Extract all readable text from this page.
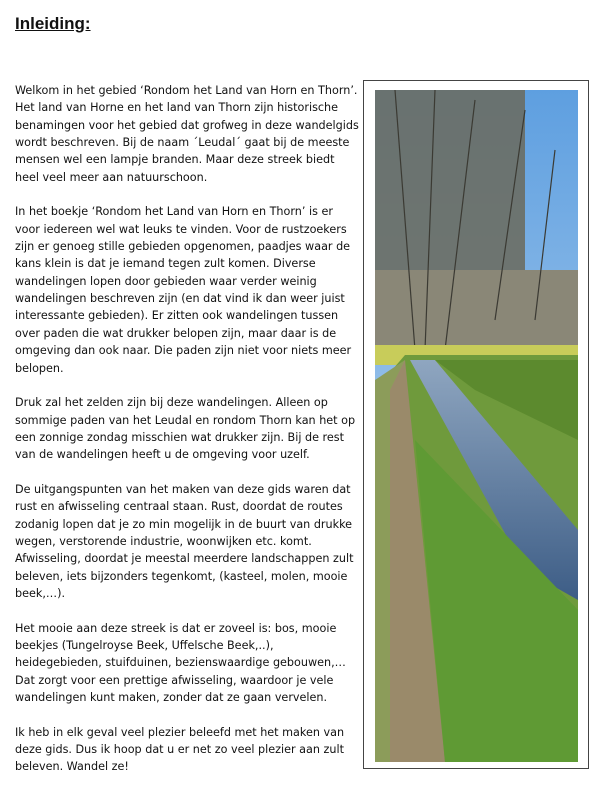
Inleiding:

Welkom in het gebied ‘Rondom het Land van Horn en Thorn’.
Het land van Horne en het land van Thorn zijn historische
benamingen voor het gebied dat grofweg in deze wandelgids
wordt beschreven. Bij de naam ´Leudal´ gaat bij de meeste
mensen wel een lampje branden. Maar deze streek biedt
heel veel meer aan natuurschoon.

In het boekje ‘Rondom het Land van Horn en Thorn’ is er
voor iedereen wel wat leuks te vinden. Voor de rustzoekers
zijn er genoeg stille gebieden opgenomen, paadjes waar de
kans klein is dat je iemand tegen zult komen. Diverse
wandelingen lopen door gebieden waar verder weinig
wandelingen beschreven zijn (en dat vind ik dan weer juist
interessante gebieden). Er zitten ook wandelingen tussen
over paden die wat drukker belopen zijn, maar daar is de
omgeving dan ook naar. Die paden zijn niet voor niets meer
belopen.

Druk zal het zelden zijn bij deze wandelingen. Alleen op
sommige paden van het Leudal en rondom Thorn kan het op
een zonnige zondag misschien wat drukker zijn. Bij de rest
van de wandelingen heeft u de omgeving voor uzelf.

De uitgangspunten van het maken van deze gids waren dat
rust en afwisseling centraal staan. Rust, doordat de routes
zodanig lopen dat je zo min mogelijk in de buurt van drukke
wegen, verstorende industrie, woonwijken etc. komt.
Afwisseling, doordat je meestal meerdere landschappen zult
beleven, iets bijzonders tegenkomt, (kasteel, molen, mooie
beek,…).

Het mooie aan deze streek is dat er zoveel is: bos, mooie
beekjes (Tungelroyse Beek, Uffelsche Beek,..),
heidegebieden, stuifduinen, bezienswaardige gebouwen,…
Dat zorgt voor een prettige afwisseling, waardoor je vele
wandelingen kunt maken, zonder dat ze gaan vervelen.

Ik heb in elk geval veel plezier beleefd met het maken van
deze gids. Dus ik hoop dat u er net zo veel plezier aan zult
beleven. Wandel ze!
